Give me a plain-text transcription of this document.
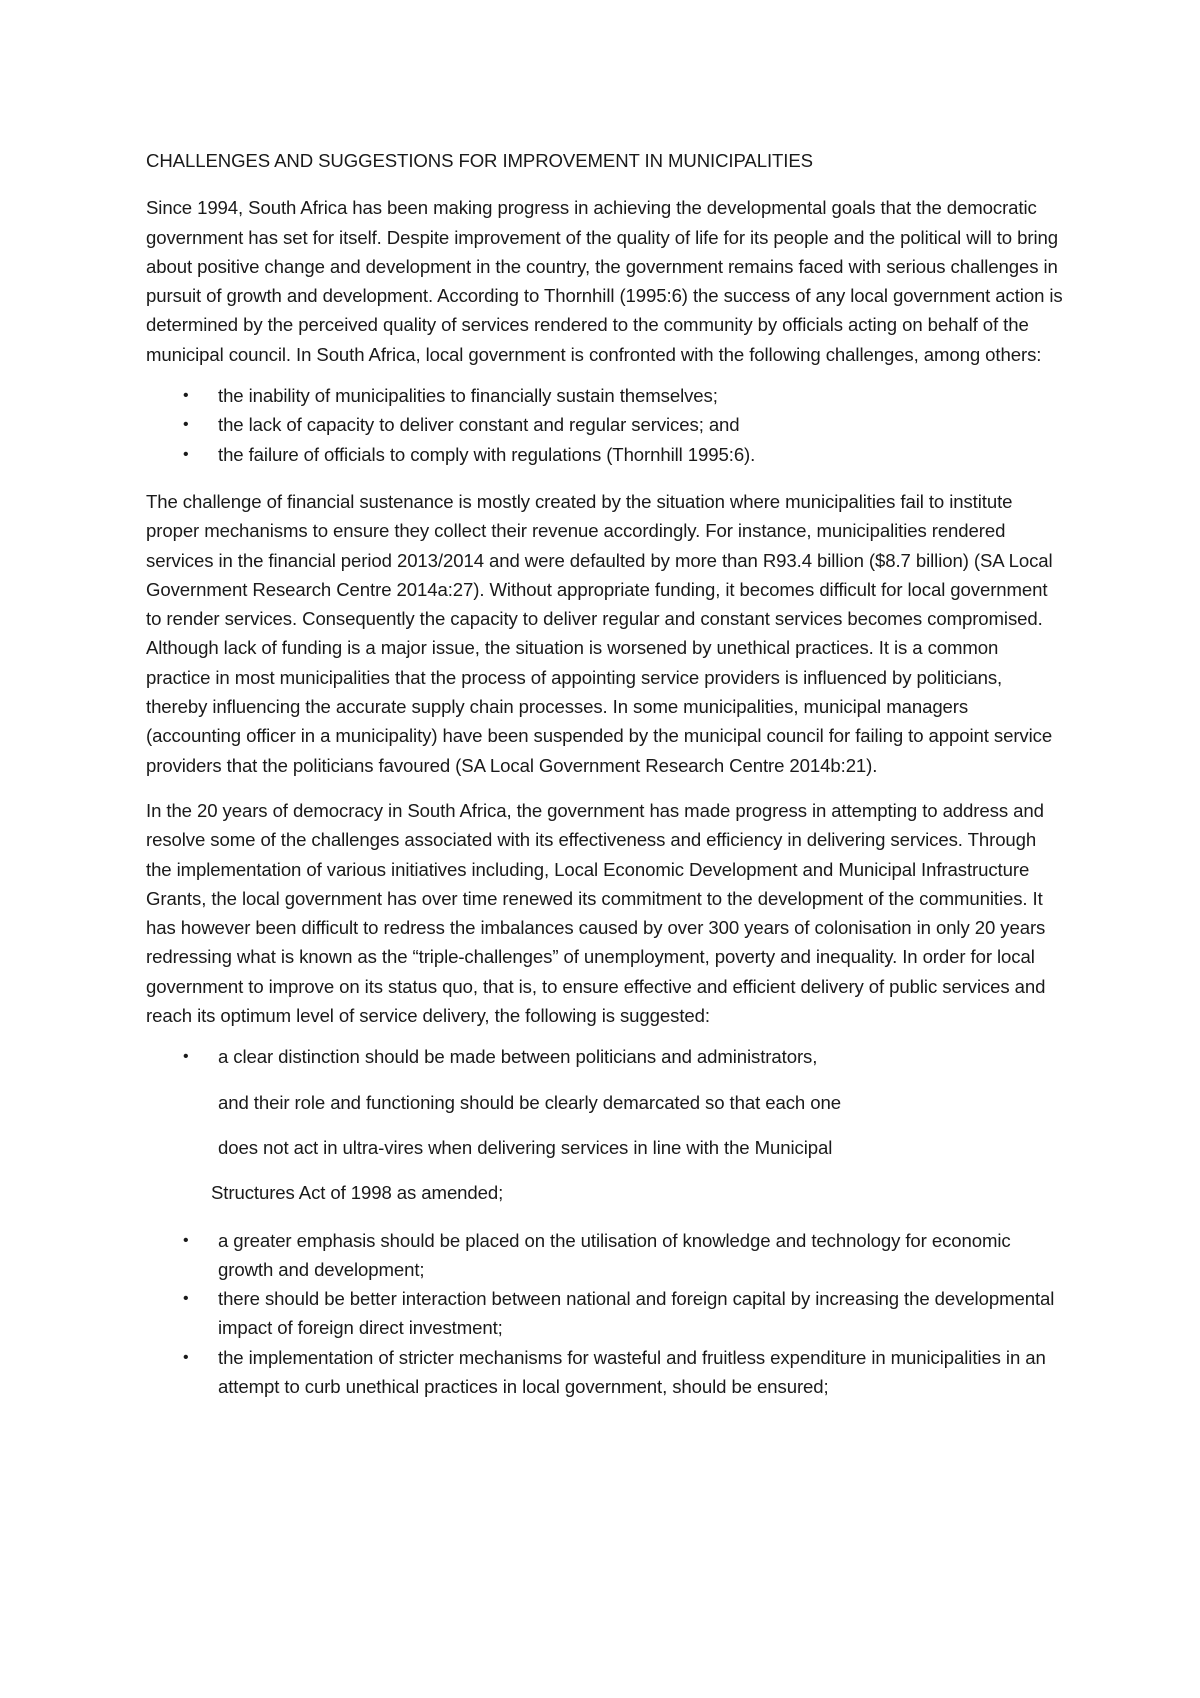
CHALLENGES AND SUGGESTIONS FOR IMPROVEMENT IN MUNICIPALITIES

Since 1994, South Africa has been making progress in achieving the developmental goals that the democratic government has set for itself. Despite improvement of the quality of life for its people and the political will to bring about positive change and development in the country, the government remains faced with serious challenges in pursuit of growth and development. According to Thornhill (1995:6) the success of any local government action is determined by the perceived quality of services rendered to the community by officials acting on behalf of the municipal council. In South Africa, local government is confronted with the following challenges, among others:

• the inability of municipalities to financially sustain themselves;
• the lack of capacity to deliver constant and regular services; and
• the failure of officials to comply with regulations (Thornhill 1995:6).

The challenge of financial sustenance is mostly created by the situation where municipalities fail to institute proper mechanisms to ensure they collect their revenue accordingly. For instance, municipalities rendered services in the financial period 2013/2014 and were defaulted by more than R93.4 billion ($8.7 billion) (SA Local Government Research Centre 2014a:27). Without appropriate funding, it becomes difficult for local government to render services. Consequently the capacity to deliver regular and constant services becomes compromised. Although lack of funding is a major issue, the situation is worsened by unethical practices. It is a common practice in most municipalities that the process of appointing service providers is influenced by politicians, thereby influencing the accurate supply chain processes. In some municipalities, municipal managers (accounting officer in a municipality) have been suspended by the municipal council for failing to appoint service providers that the politicians favoured (SA Local Government Research Centre 2014b:21).

In the 20 years of democracy in South Africa, the government has made progress in attempting to address and resolve some of the challenges associated with its effectiveness and efficiency in delivering services. Through the implementation of various initiatives including, Local Economic Development and Municipal Infrastructure Grants, the local government has over time renewed its commitment to the development of the communities. It has however been difficult to redress the imbalances caused by over 300 years of colonisation in only 20 years redressing what is known as the “triple-challenges” of unemployment, poverty and inequality. In order for local government to improve on its status quo, that is, to ensure effective and efficient delivery of public services and reach its optimum level of service delivery, the following is suggested:

• a clear distinction should be made between politicians and administrators,
and their role and functioning should be clearly demarcated so that each one
does not act in ultra-vires when delivering services in line with the Municipal
Structures Act of 1998 as amended;
• a greater emphasis should be placed on the utilisation of knowledge and technology for economic growth and development;
• there should be better interaction between national and foreign capital by increasing the developmental impact of foreign direct investment;
• the implementation of stricter mechanisms for wasteful and fruitless expenditure in municipalities in an attempt to curb unethical practices in local government, should be ensured;
